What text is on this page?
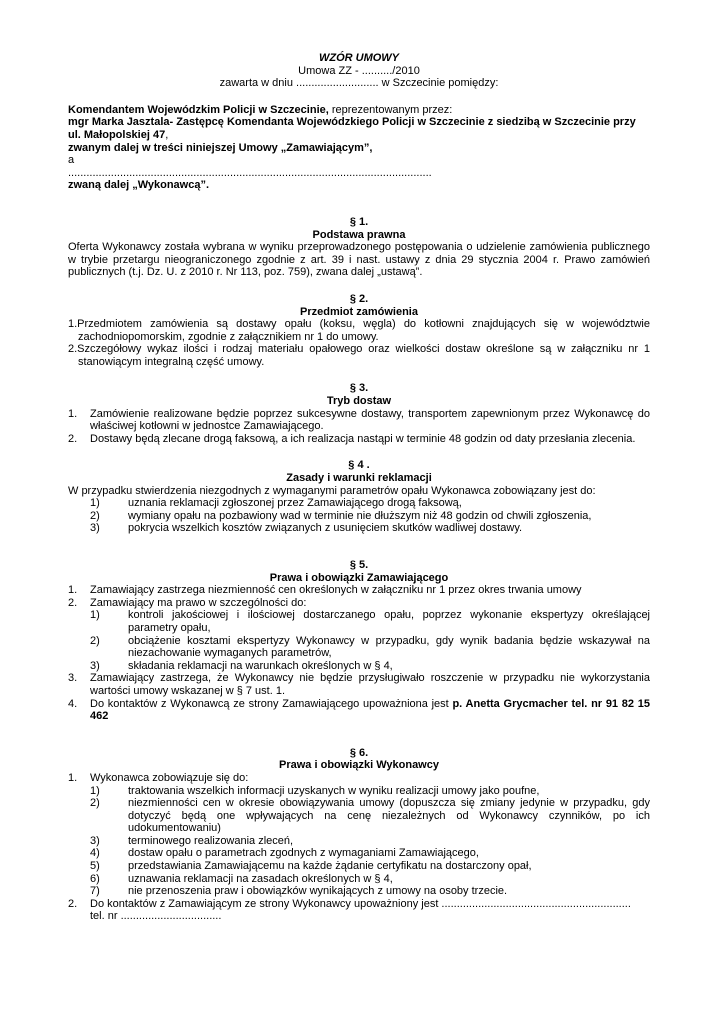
WZÓR UMOWY

Umowa ZZ - ........../2010

zawarta w dniu ........................... w Szczecinie pomiędzy:

Komendantem Wojewódzkim Policji w Szczecinie, reprezentowanym przez:

mgr Marka Jasztala- Zastępcę Komendanta Wojewódzkiego Policji w Szczecinie z siedzibą w Szczecinie przy ul. Małopolskiej 47,

zwanym dalej w treści niniejszej Umowy „Zamawiającym”,

a

.......................................................................................................................

zwaną dalej „Wykonawcą”.

§ 1.

Podstawa prawna

Oferta Wykonawcy została wybrana w wyniku przeprowadzonego postępowania o udzielenie zamówienia publicznego w trybie przetargu nieograniczonego zgodnie z art. 39 i nast. ustawy z dnia 29 stycznia 2004 r. Prawo zamówień publicznych (t.j. Dz. U. z 2010 r. Nr 113, poz. 759), zwana dalej „ustawą”.

§ 2.

Przedmiot zamówienia

1.Przedmiotem zamówienia są dostawy opału (koksu, węgla) do kotłowni znajdujących się w województwie zachodniopomorskim, zgodnie z załącznikiem nr 1 do umowy.

2.Szczegółowy wykaz ilości i rodzaj materiału opałowego oraz wielkości dostaw określone są w załączniku nr 1 stanowiącym integralną część umowy.

§ 3.

Tryb dostaw

1.	Zamówienie realizowane będzie poprzez sukcesywne dostawy, transportem zapewnionym przez Wykonawcę do właściwej kotłowni w jednostce Zamawiającego.
2.	Dostawy będą zlecane drogą faksową, a ich realizacja nastąpi w terminie 48 godzin od daty przesłania zlecenia.

§ 4 .

Zasady i warunki reklamacji

W przypadku stwierdzenia niezgodnych z wymaganymi parametrów opału Wykonawca zobowiązany jest do:

1)	uznania reklamacji zgłoszonej przez Zamawiającego drogą faksową,
2)	wymiany opału na pozbawiony wad w terminie nie dłuższym niż 48 godzin od chwili zgłoszenia,
3)	pokrycia wszelkich kosztów związanych z usunięciem skutków wadliwej dostawy.

§ 5.

Prawa i obowiązki Zamawiającego

1.	Zamawiający zastrzega niezmienność cen określonych w załączniku nr 1 przez okres trwania umowy
2.	Zamawiający ma prawo w szczególności do:
1)	kontroli jakościowej i ilościowej dostarczanego opału, poprzez wykonanie ekspertyzy określającej parametry opału,
2)	obciążenie kosztami ekspertyzy Wykonawcy w przypadku, gdy wynik badania będzie wskazywał na niezachowanie wymaganych parametrów,
3)	składania reklamacji na warunkach określonych w § 4,
3.	Zamawiający zastrzega, że Wykonawcy nie będzie przysługiwało roszczenie w przypadku nie wykorzystania wartości umowy wskazanej w § 7 ust. 1.
4.	Do kontaktów z Wykonawcą ze strony Zamawiającego upoważniona jest p. Anetta Grycmacher tel. nr 91 82 15 462

§ 6.

Prawa i obowiązki Wykonawcy

1.	Wykonawca zobowiązuje się do:
1)	traktowania wszelkich informacji uzyskanych w wyniku realizacji umowy jako poufne,
2)	niezmienności cen w okresie obowiązywania umowy (dopuszcza się zmiany jedynie w przypadku, gdy dotyczyć będą one wpływających na cenę niezależnych od Wykonawcy czynników, po ich udokumentowaniu)
3)	terminowego realizowania zleceń,
4)	dostaw opału o parametrach zgodnych z wymaganiami Zamawiającego,
5)	przedstawiania Zamawiającemu na każde żądanie certyfikatu na dostarczony opał,
6)	uznawania reklamacji na zasadach określonych w § 4,
7)	nie przenoszenia praw i obowiązków wynikających z umowy na osoby trzecie.
2.	Do kontaktów z Zamawiającym ze strony Wykonawcy upoważniony jest ..............................................................
tel. nr .................................
